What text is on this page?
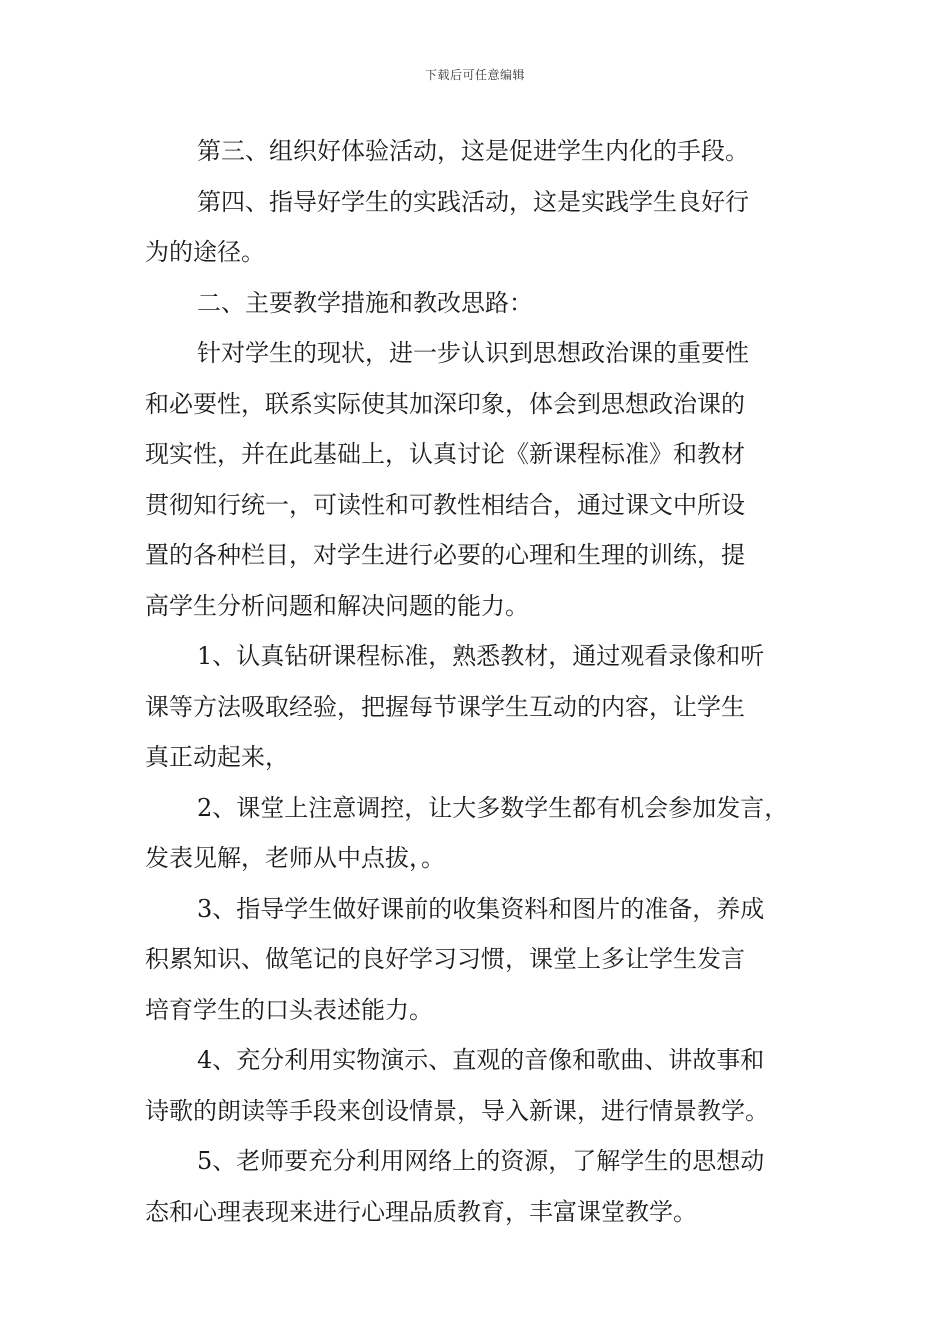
下载后可任意编辑
第三、组织好体验活动，这是促进学生内化的手段。
第四、指导好学生的实践活动，这是实践学生良好行
为的途径。
二、主要教学措施和教改思路：
针对学生的现状，进一步认识到思想政治课的重要性
和必要性，联系实际使其加深印象，体会到思想政治课的
现实性，并在此基础上，认真讨论《新课程标准》和教材
贯彻知行统一，可读性和可教性相结合，通过课文中所设
置的各种栏目，对学生进行必要的心理和生理的训练，提
高学生分析问题和解决问题的能力。
1、认真钻研课程标准，熟悉教材，通过观看录像和听
课等方法吸取经验，把握每节课学生互动的内容，让学生
真正动起来，
2、课堂上注意调控，让大多数学生都有机会参加发言，
发表见解，老师从中点拔，。
3、指导学生做好课前的收集资料和图片的准备，养成
积累知识、做笔记的良好学习习惯，课堂上多让学生发言
培育学生的口头表述能力。
4、充分利用实物演示、直观的音像和歌曲、讲故事和
诗歌的朗读等手段来创设情景，导入新课，进行情景教学。
5、老师要充分利用网络上的资源，了解学生的思想动
态和心理表现来进行心理品质教育，丰富课堂教学。
